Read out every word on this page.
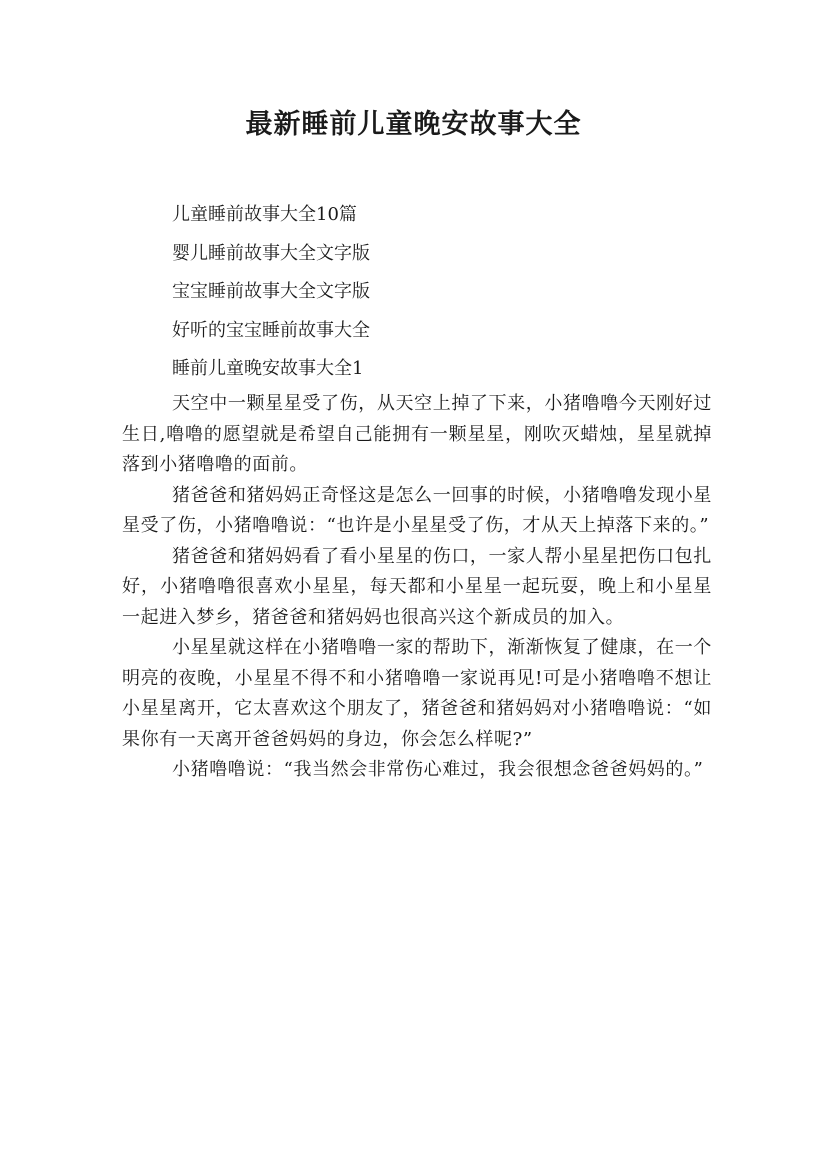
最新睡前儿童晚安故事大全
儿童睡前故事大全10篇
婴儿睡前故事大全文字版
宝宝睡前故事大全文字版
好听的宝宝睡前故事大全
睡前儿童晚安故事大全1

天空中一颗星星受了伤，从天空上掉了下来，小猪噜噜今天刚好过生日,噜噜的愿望就是希望自己能拥有一颗星星，刚吹灭蜡烛，星星就掉落到小猪噜噜的面前。

猪爸爸和猪妈妈正奇怪这是怎么一回事的时候，小猪噜噜发现小星星受了伤，小猪噜噜说：“也许是小星星受了伤，才从天上掉落下来的。”

猪爸爸和猪妈妈看了看小星星的伤口，一家人帮小星星把伤口包扎好，小猪噜噜很喜欢小星星，每天都和小星星一起玩耍，晚上和小星星一起进入梦乡，猪爸爸和猪妈妈也很高兴这个新成员的加入。

小星星就这样在小猪噜噜一家的帮助下，渐渐恢复了健康，在一个明亮的夜晚，小星星不得不和小猪噜噜一家说再见!可是小猪噜噜不想让小星星离开，它太喜欢这个朋友了，猪爸爸和猪妈妈对小猪噜噜说：“如果你有一天离开爸爸妈妈的身边，你会怎么样呢?”

小猪噜噜说：“我当然会非常伤心难过，我会很想念爸爸妈妈的。”
